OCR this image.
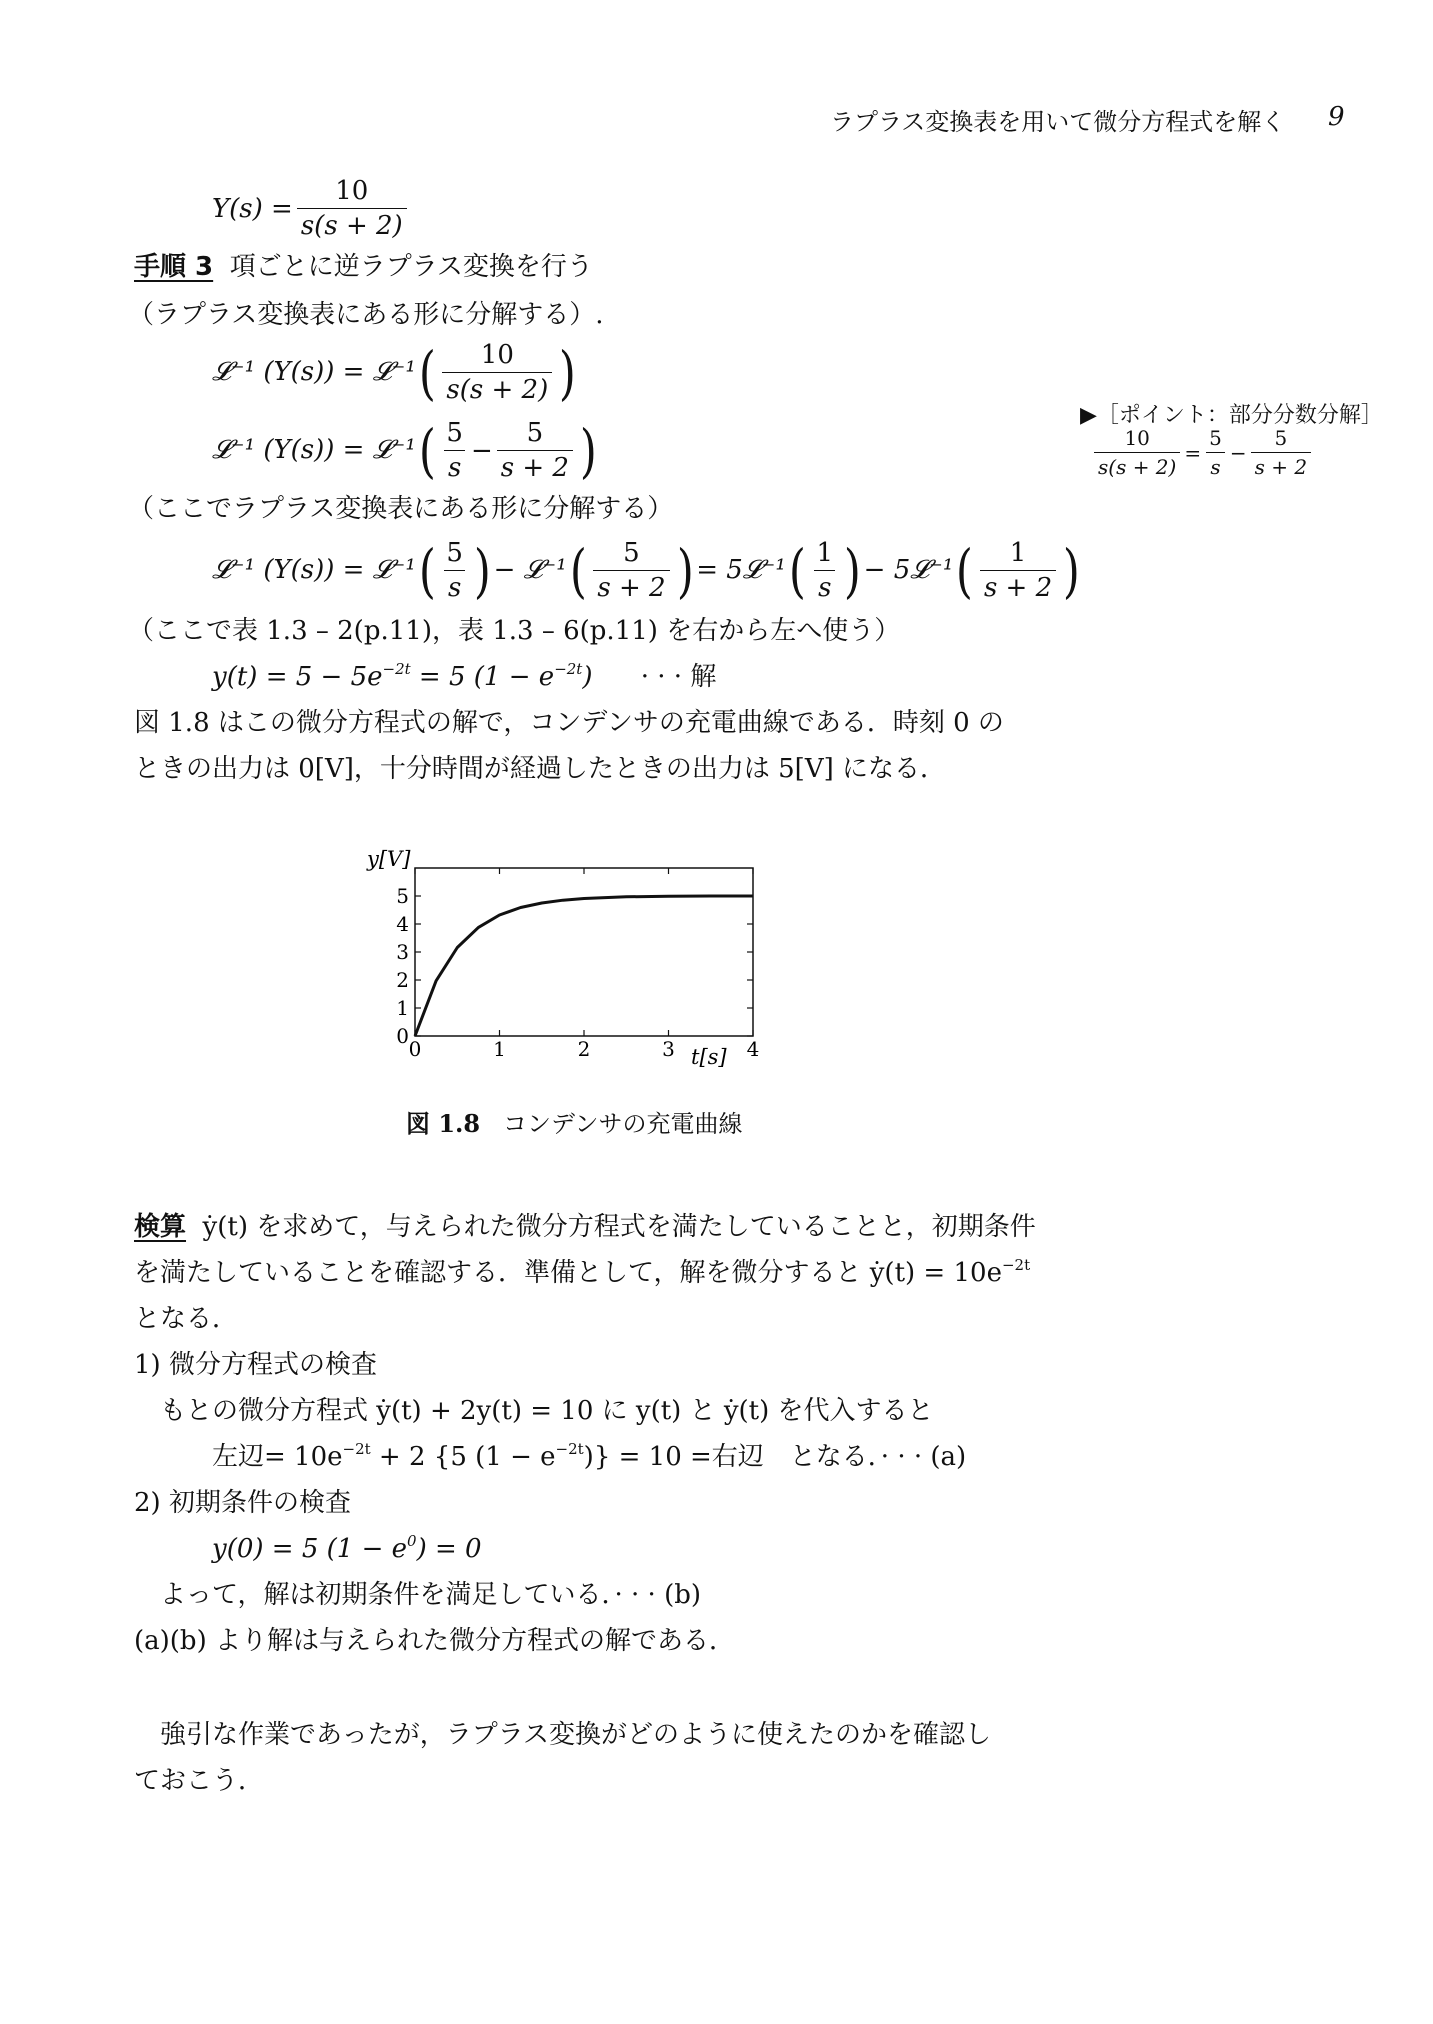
ラプラス変換表を用いて微分方程式を解く 9
$Y(s) = \frac{10}{s(s + 2)}$
手順 3 項ごとに逆ラプラス変換を行う
（ラプラス変換表にある形に分解する）.
𝓛⁻¹ (Y(s)) = 𝓛⁻¹ ( $\frac{10}{s(s + 2)}$ )
𝓛⁻¹ (Y(s)) = 𝓛⁻¹ ( $\frac{5}{s} - \frac{5}{s + 2}$ )
▶［ポイント：部分分数分解］
$\frac{10}{s(s + 2)} = \frac{5}{s} - \frac{5}{s + 2}$
（ここでラプラス変換表にある形に分解する）
𝓛⁻¹ (Y(s)) = 𝓛⁻¹ ( $\frac{5}{s}$ ) − 𝓛⁻¹ ( $\frac{5}{s + 2}$ ) = 5𝓛⁻¹ ( $\frac{1}{s}$ ) − 5𝓛⁻¹ ( $\frac{1}{s + 2}$ )
（ここで表 1.3 – 2(p.11)，表 1.3 – 6(p.11) を右から左へ使う）
$y(t) = 5 - 5e^{-2t} = 5$ $(1 - e^{-2t})$ · · · 解
図 1.8 はこの微分方程式の解で，コンデンサの充電曲線である．時刻 0 の
ときの出力は 0[V]，十分時間が経過したときの出力は 5[V] になる．
0	1	2	3	4
0
1
2
3
4
5
y[V]
t[s]
図 1.8 コンデンサの充電曲線
検算 ẏ(t) を求めて，与えられた微分方程式を満たしていることと，初期条件
を満たしていることを確認する．準備として，解を微分すると ẏ(t) = $10e^{-2t}$
となる．
1) 微分方程式の検査
もとの微分方程式 ẏ(t) + 2y(t) = 10 に y(t) と ẏ(t) を代入すると
左辺= $10e^{-2t} + 2$ {5 $(1 - e^{-2t})\} = 10$ =右辺　となる．· · · (a)
2) 初期条件の検査
y(0) = 5 $(1 - e^0) = 0$
よって，解は初期条件を満足している．· · · (b)
(a)(b) より解は与えられた微分方程式の解である．
強引な作業であったが，ラプラス変換がどのように使えたのかを確認し
ておこう．
